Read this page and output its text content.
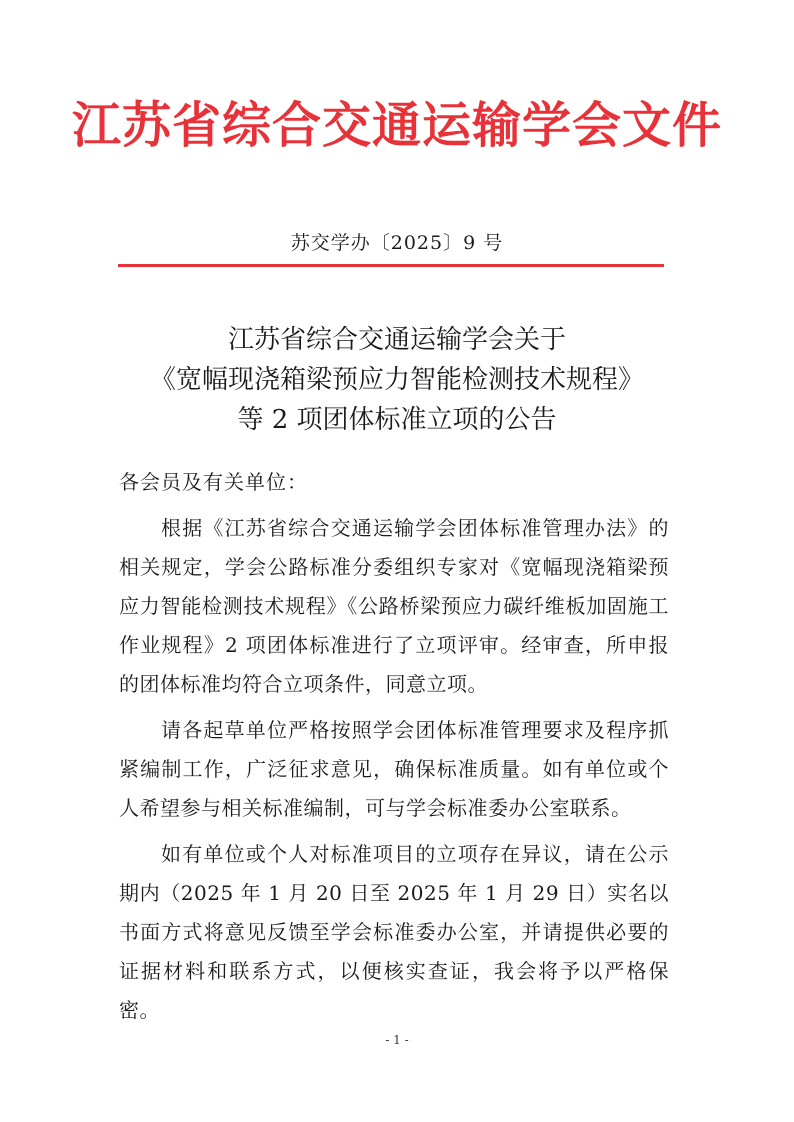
江苏省综合交通运输学会文件
苏交学办〔2025〕9 号
江苏省综合交通运输学会关于
《宽幅现浇箱梁预应力智能检测技术规程》
等 2 项团体标准立项的公告

各会员及有关单位：

根据《江苏省综合交通运输学会团体标准管理办法》的相关规定，学会公路标准分委组织专家对《宽幅现浇箱梁预应力智能检测技术规程》《公路桥梁预应力碳纤维板加固施工作业规程》2 项团体标准进行了立项评审。经审查，所申报的团体标准均符合立项条件，同意立项。

请各起草单位严格按照学会团体标准管理要求及程序抓紧编制工作，广泛征求意见，确保标准质量。如有单位或个人希望参与相关标准编制，可与学会标准委办公室联系。

如有单位或个人对标准项目的立项存在异议，请在公示期内（2025 年 1 月 20 日至 2025 年 1 月 29 日）实名以书面方式将意见反馈至学会标准委办公室，并请提供必要的证据材料和联系方式，以便核实查证，我会将予以严格保密。

- 1 -
